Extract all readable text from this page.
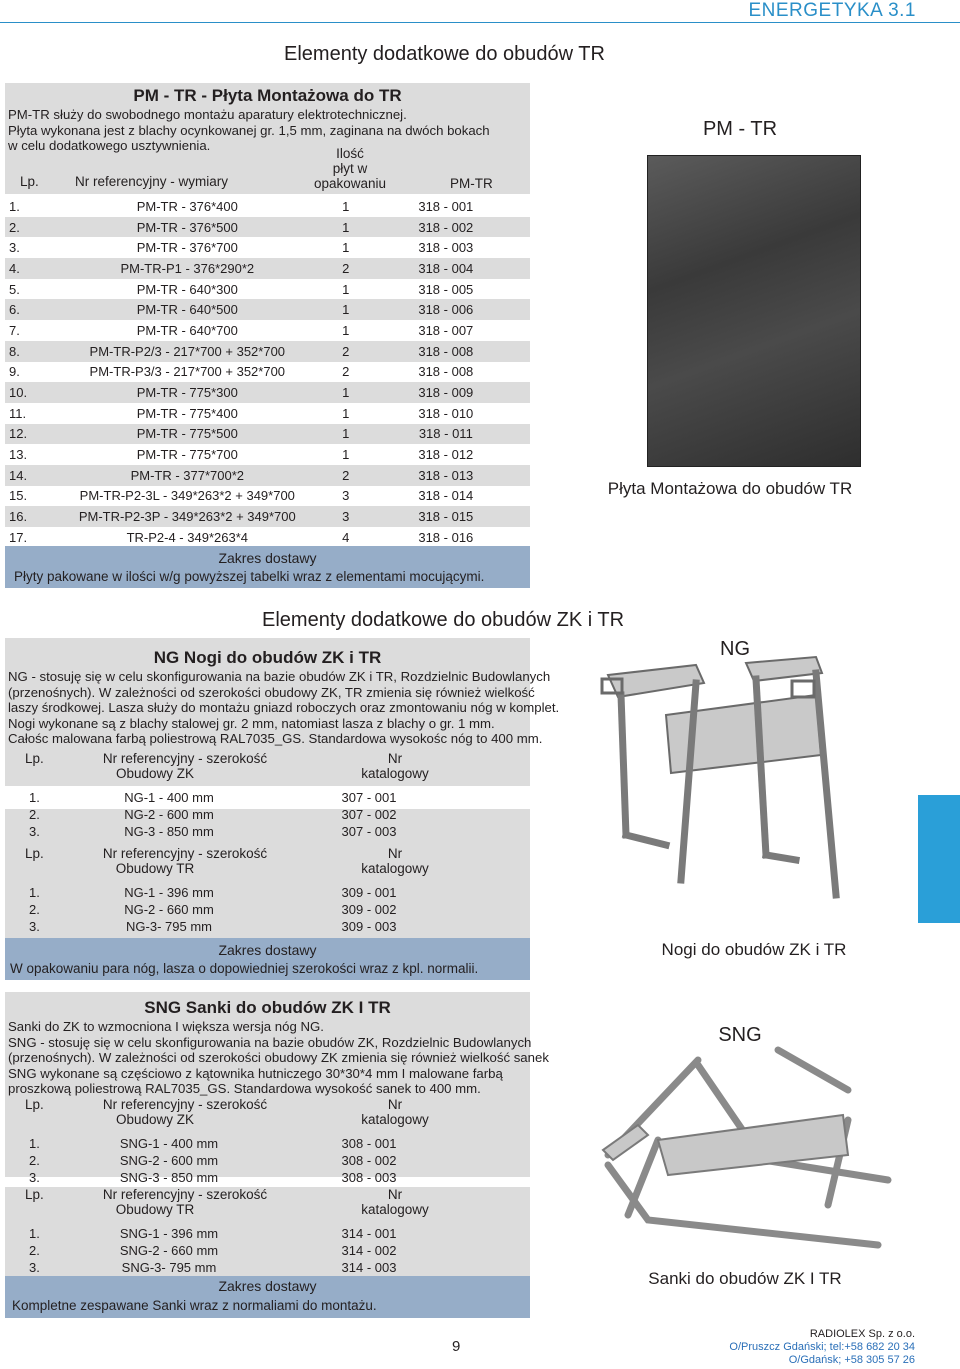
ENERGETYKA 3.1
Elementy dodatkowe do obudów TR
PM - TR - Płyta Montażowa do TR
PM-TR służy do swobodnego montażu aparatury elektrotechnicznej.
Płyta wykonana jest z blachy ocynkowanej gr. 1,5 mm, zaginana na dwóch bokach
w celu dodatkowego usztywnienia.
Lp.	Nr referencyjny - wymiary
Ilość
płyt w
opakowaniu	PM-TR
1.	PM-TR - 376*400	1	318 - 001
2.	PM-TR - 376*500	1	318 - 002
3.	PM-TR - 376*700	1	318 - 003
4.	PM-TR-P1 - 376*290*2	2	318 - 004
5.	PM-TR - 640*300	1	318 - 005
6.	PM-TR - 640*500	1	318 - 006
7.	PM-TR - 640*700	1	318 - 007
8.	PM-TR-P2/3 - 217*700 + 352*700	2	318 - 008
9.	PM-TR-P3/3 - 217*700 + 352*700	2	318 - 008
10.	PM-TR - 775*300	1	318 - 009
11.	PM-TR - 775*400	1	318 - 010
12.	PM-TR - 775*500	1	318 - 011
13.	PM-TR - 775*700	1	318 - 012
14.	PM-TR - 377*700*2	2	318 - 013
15.	PM-TR-P2-3L - 349*263*2 + 349*700	3	318 - 014
16.	PM-TR-P2-3P - 349*263*2 + 349*700	3	318 - 015
17.	TR-P2-4 - 349*263*4	4	318 - 016
Zakres dostawy
Płyty pakowane w ilości w/g powyższej tabelki wraz z elementami mocującymi.
PM - TR
Płyta Montażowa do obudów TR
Elementy dodatkowe do obudów ZK i TR
NG Nogi do obudów ZK i TR
NG - stosuję się w celu skonfigurowania na bazie obudów ZK i TR, Rozdzielnic Budowlanych
(przenośnych). W zależności od szerokości obudowy ZK, TR zmienia się również wielkość
laszy środkowej. Lasza służy do montażu gniazd roboczych oraz zmontowaniu nóg w komplet.
Nogi wykonane są z blachy stalowej gr. 2 mm, natomiast lasza z blachy o gr. 1 mm.
Całośc malowana farbą poliestrową RAL7035_GS. Standardowa wysokośc nóg to 400 mm.
Lp.	Nr referencyjny - szerokość
Obudowy ZK
Nr
katalogowy
1.	NG-1 - 400 mm	307 - 001
2.	NG-2 - 600 mm	307 - 002
3.	NG-3 - 850 mm	307 - 003
Lp.	Nr referencyjny - szerokość
Obudowy TR
Nr
katalogowy
1.	NG-1 - 396 mm	309 - 001
2.	NG-2 - 660 mm	309 - 002
3.	NG-3- 795 mm	309 - 003
Zakres dostawy
W opakowaniu para nóg, lasza o dopowiedniej szerokości wraz z kpl. normalii.
NG
Nogi do obudów ZK i TR
SNG Sanki do obudów ZK I TR
Sanki do ZK to wzmocniona I większa wersja nóg NG.
SNG - stosuję się w celu skonfigurowania na bazie obudów ZK, Rozdzielnic Budowlanych
(przenośnych). W zależności od szerokości obudowy ZK zmienia się również wielkość sanek
SNG wykonane są częściowo z kątownika hutniczego 30*30*4 mm I malowane farbą
proszkową poliestrową RAL7035_GS. Standardowa wysokość sanek to 400 mm.
Lp.	Nr referencyjny - szerokość
Obudowy ZK
Nr
katalogowy
1.	SNG-1 - 400 mm	308 - 001
2.	SNG-2 - 600 mm	308 - 002
3.	SNG-3 - 850 mm	308 - 003
Lp.	Nr referencyjny - szerokość
Obudowy TR
Nr
katalogowy
1.	SNG-1 - 396 mm	314 - 001
2.	SNG-2 - 660 mm	314 - 002
3.	SNG-3- 795 mm	314 - 003
Zakres dostawy
Kompletne zespawane Sanki wraz z normaliami do montażu.
SNG
Sanki do obudów ZK I TR
9
RADIOLEX Sp. z o.o.
O/Pruszcz Gdański; tel:+58 682 20 34
O/Gdańsk; +58 305 57 26
